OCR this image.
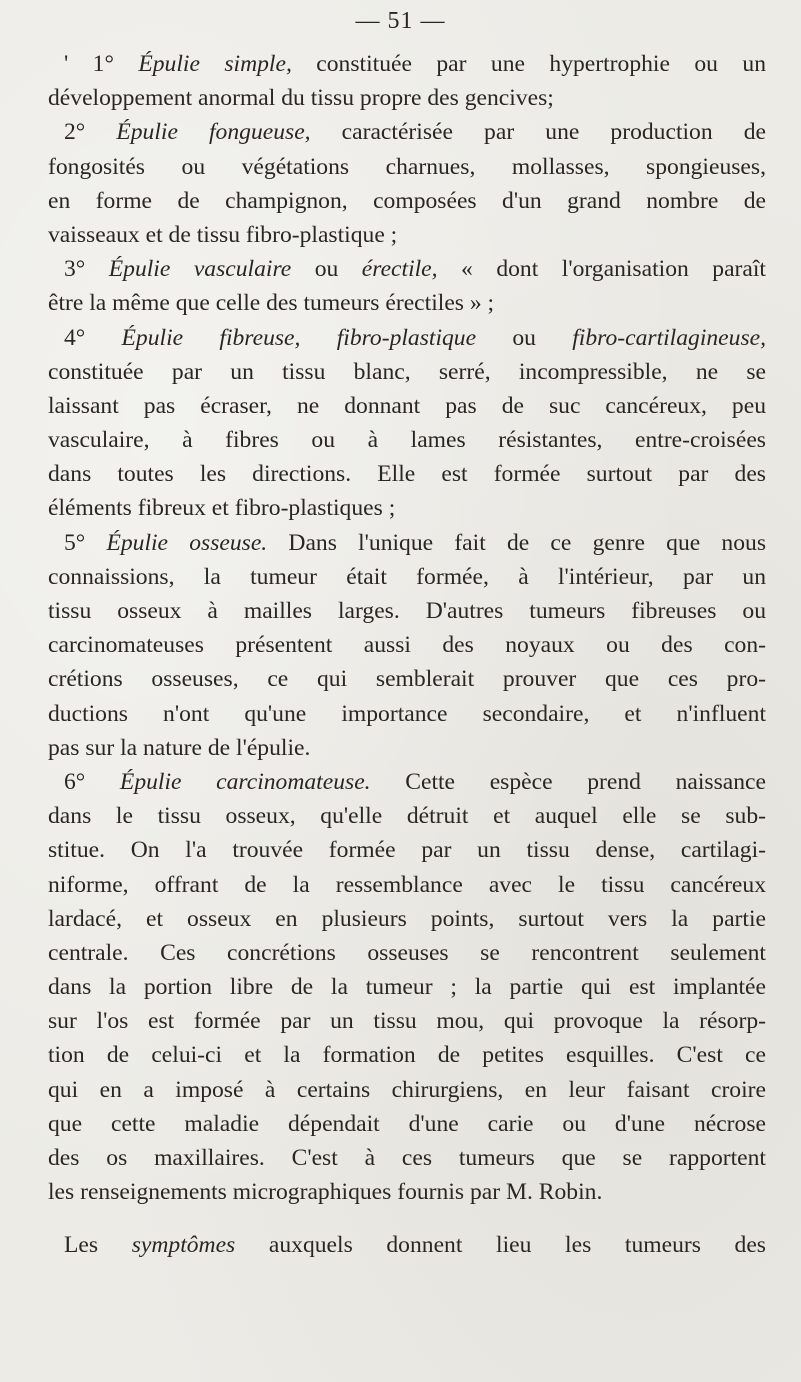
— 51 —
' 1° Épulie simple, constituée par une hypertrophie ou un
développement anormal du tissu propre des gencives;
2° Épulie fongueuse, caractérisée par une production de
fongosités ou végétations charnues, mollasses, spongieuses,
en forme de champignon, composées d'un grand nombre de
vaisseaux et de tissu fibro-plastique ;
3° Épulie vasculaire ou érectile, « dont l'organisation paraît
être la même que celle des tumeurs érectiles » ;
4° Épulie fibreuse, fibro-plastique ou fibro-cartilagineuse,
constituée par un tissu blanc, serré, incompressible, ne se
laissant pas écraser, ne donnant pas de suc cancéreux, peu
vasculaire, à fibres ou à lames résistantes, entre-croisées
dans toutes les directions. Elle est formée surtout par des
éléments fibreux et fibro-plastiques ;
5° Épulie osseuse. Dans l'unique fait de ce genre que nous
connaissions, la tumeur était formée, à l'intérieur, par un
tissu osseux à mailles larges. D'autres tumeurs fibreuses ou
carcinomateuses présentent aussi des noyaux ou des con-
crétions osseuses, ce qui semblerait prouver que ces pro-
ductions n'ont qu'une importance secondaire, et n'influent
pas sur la nature de l'épulie.
6° Épulie carcinomateuse. Cette espèce prend naissance
dans le tissu osseux, qu'elle détruit et auquel elle se sub-
stitue. On l'a trouvée formée par un tissu dense, cartilagi-
niforme, offrant de la ressemblance avec le tissu cancéreux
lardacé, et osseux en plusieurs points, surtout vers la partie
centrale. Ces concrétions osseuses se rencontrent seulement
dans la portion libre de la tumeur ; la partie qui est implantée
sur l'os est formée par un tissu mou, qui provoque la résorp-
tion de celui-ci et la formation de petites esquilles. C'est ce
qui en a imposé à certains chirurgiens, en leur faisant croire
que cette maladie dépendait d'une carie ou d'une nécrose
des os maxillaires. C'est à ces tumeurs que se rapportent
les renseignements micrographiques fournis par M. Robin.
Les symptômes auxquels donnent lieu les tumeurs des
